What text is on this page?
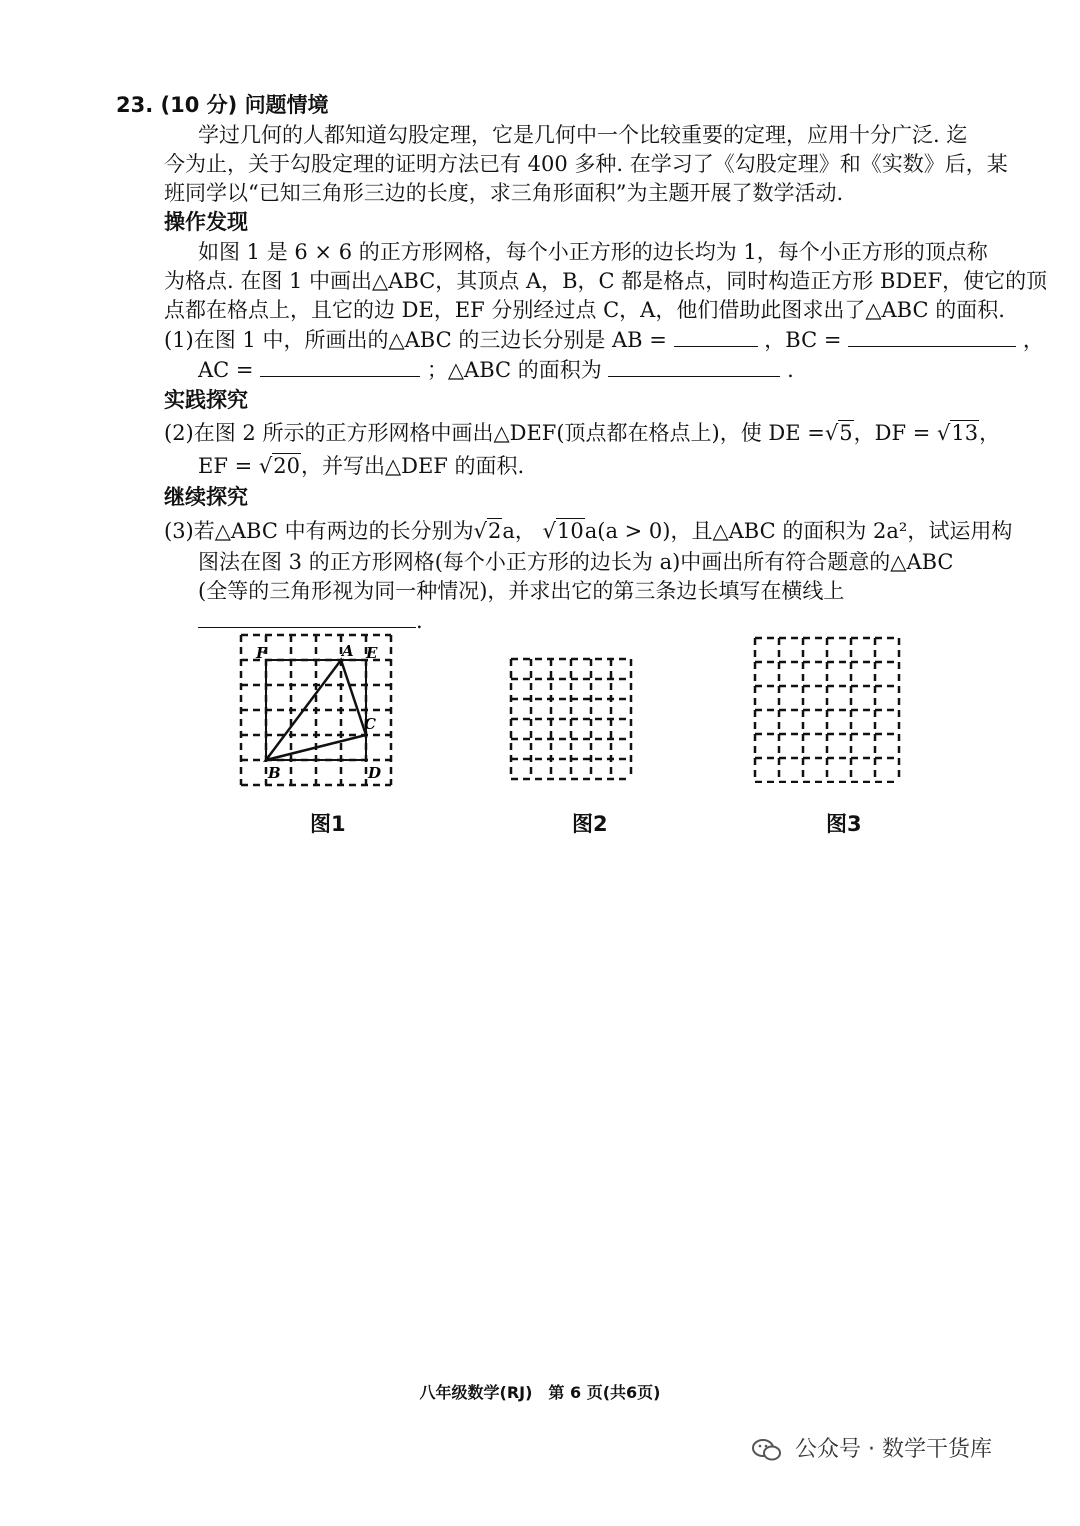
23. (10 分) 问题情境
学过几何的人都知道勾股定理，它是几何中一个比较重要的定理，应用十分广泛. 迄
今为止，关于勾股定理的证明方法已有 400 多种. 在学习了《勾股定理》和《实数》后，某
班同学以“已知三角形三边的长度，求三角形面积”为主题开展了数学活动.
操作发现
如图 1 是 6 × 6 的正方形网格，每个小正方形的边长均为 1，每个小正方形的顶点称
为格点. 在图 1 中画出△ABC，其顶点 A，B，C 都是格点，同时构造正方形 BDEF，使它的顶
点都在格点上，且它的边 DE，EF 分别经过点 C，A，他们借助此图求出了△ABC 的面积.
(1)在图 1 中，所画出的△ABC 的三边长分别是 AB =	，BC =	，
AC =	；△ABC 的面积为	.
实践探究
(2)在图 2 所示的正方形网格中画出△DEF(顶点都在格点上)，使 DE =√5，DF = √13，
EF = √20，并写出△DEF 的面积.
继续探究
(3)若△ABC 中有两边的长分别为√2a， √10a(a > 0)，且△ABC 的面积为 2a²，试运用构
图法在图 3 的正方形网格(每个小正方形的边长为 a)中画出所有符合题意的△ABC
(全等的三角形视为同一种情况)，并求出它的第三条边长填写在横线上
.
F	A E
C
B	D
图1	图2	图3
八年级数学(RJ)　第 6 页(共6页)
公众号 · 数学干货库
